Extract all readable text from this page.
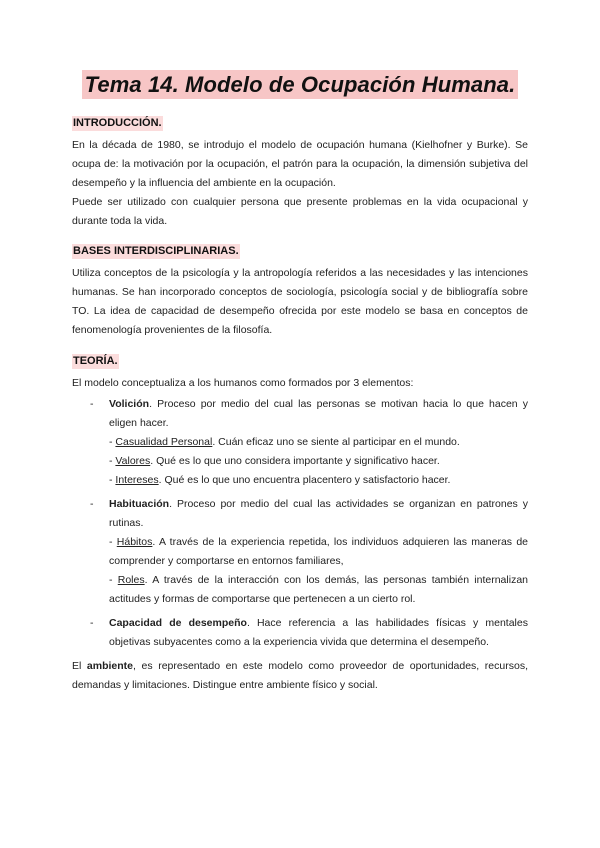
Tema 14. Modelo de Ocupación Humana.
INTRODUCCIÓN.

En la década de 1980, se introdujo el modelo de ocupación humana (Kielhofner y Burke). Se ocupa de: la motivación por la ocupación, el patrón para la ocupación, la dimensión subjetiva del desempeño y la influencia del ambiente en la ocupación.

Puede ser utilizado con cualquier persona que presente problemas en la vida ocupacional y durante toda la vida.

BASES INTERDISCIPLINARIAS.

Utiliza conceptos de la psicología y la antropología referidos a las necesidades y las intenciones humanas. Se han incorporado conceptos de sociología, psicología social y de bibliografía sobre TO. La idea de capacidad de desempeño ofrecida por este modelo se basa en conceptos de fenomenología provenientes de la filosofía.

TEORÍA.

El modelo conceptualiza a los humanos como formados por 3 elementos:

- Volición. Proceso por medio del cual las personas se motivan hacia lo que hacen y eligen hacer.
- Casualidad Personal. Cuán eficaz uno se siente al participar en el mundo.
- Valores. Qué es lo que uno considera importante y significativo hacer.
- Intereses. Qué es lo que uno encuentra placentero y satisfactorio hacer.
- Habituación. Proceso por medio del cual las actividades se organizan en patrones y rutinas.
- Hábitos. A través de la experiencia repetida, los individuos adquieren las maneras de comprender y comportarse en entornos familiares,
- Roles. A través de la interacción con los demás, las personas también internalizan actitudes y formas de comportarse que pertenecen a un cierto rol.
- Capacidad de desempeño. Hace referencia a las habilidades físicas y mentales objetivas subyacentes como a la experiencia vivida que determina el desempeño.

El ambiente, es representado en este modelo como proveedor de oportunidades, recursos, demandas y limitaciones. Distingue entre ambiente físico y social.
